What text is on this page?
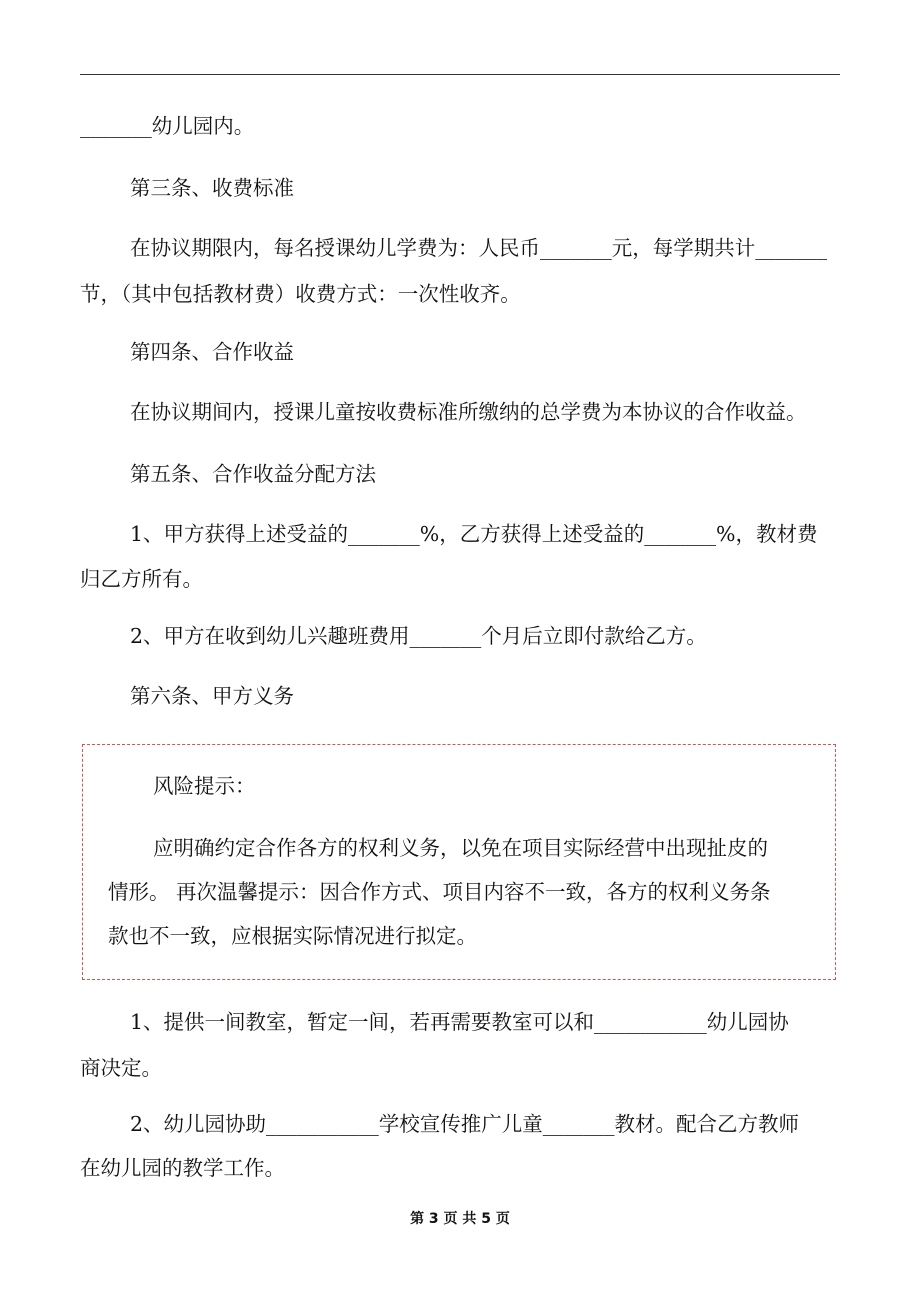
_______幼儿园内。

第三条、收费标准

在协议期限内，每名授课幼儿学费为：人民币_______元，每学期共计_______

节，（其中包括教材费）收费方式：一次性收齐。

第四条、合作收益

在协议期间内，授课儿童按收费标准所缴纳的总学费为本协议的合作收益。

第五条、合作收益分配方法

1、甲方获得上述受益的_______%，乙方获得上述受益的_______%，教材费

归乙方所有。

2、甲方在收到幼儿兴趣班费用_______个月后立即付款给乙方。

第六条、甲方义务

风险提示：

应明确约定合作各方的权利义务，以免在项目实际经营中出现扯皮的

情形。 再次温馨提示：因合作方式、项目内容不一致，各方的权利义务条

款也不一致，应根据实际情况进行拟定。

1、提供一间教室，暂定一间，若再需要教室可以和___________幼儿园协

商决定。

2、幼儿园协助___________学校宣传推广儿童_______教材。配合乙方教师

在幼儿园的教学工作。

第 3 页 共 5 页
